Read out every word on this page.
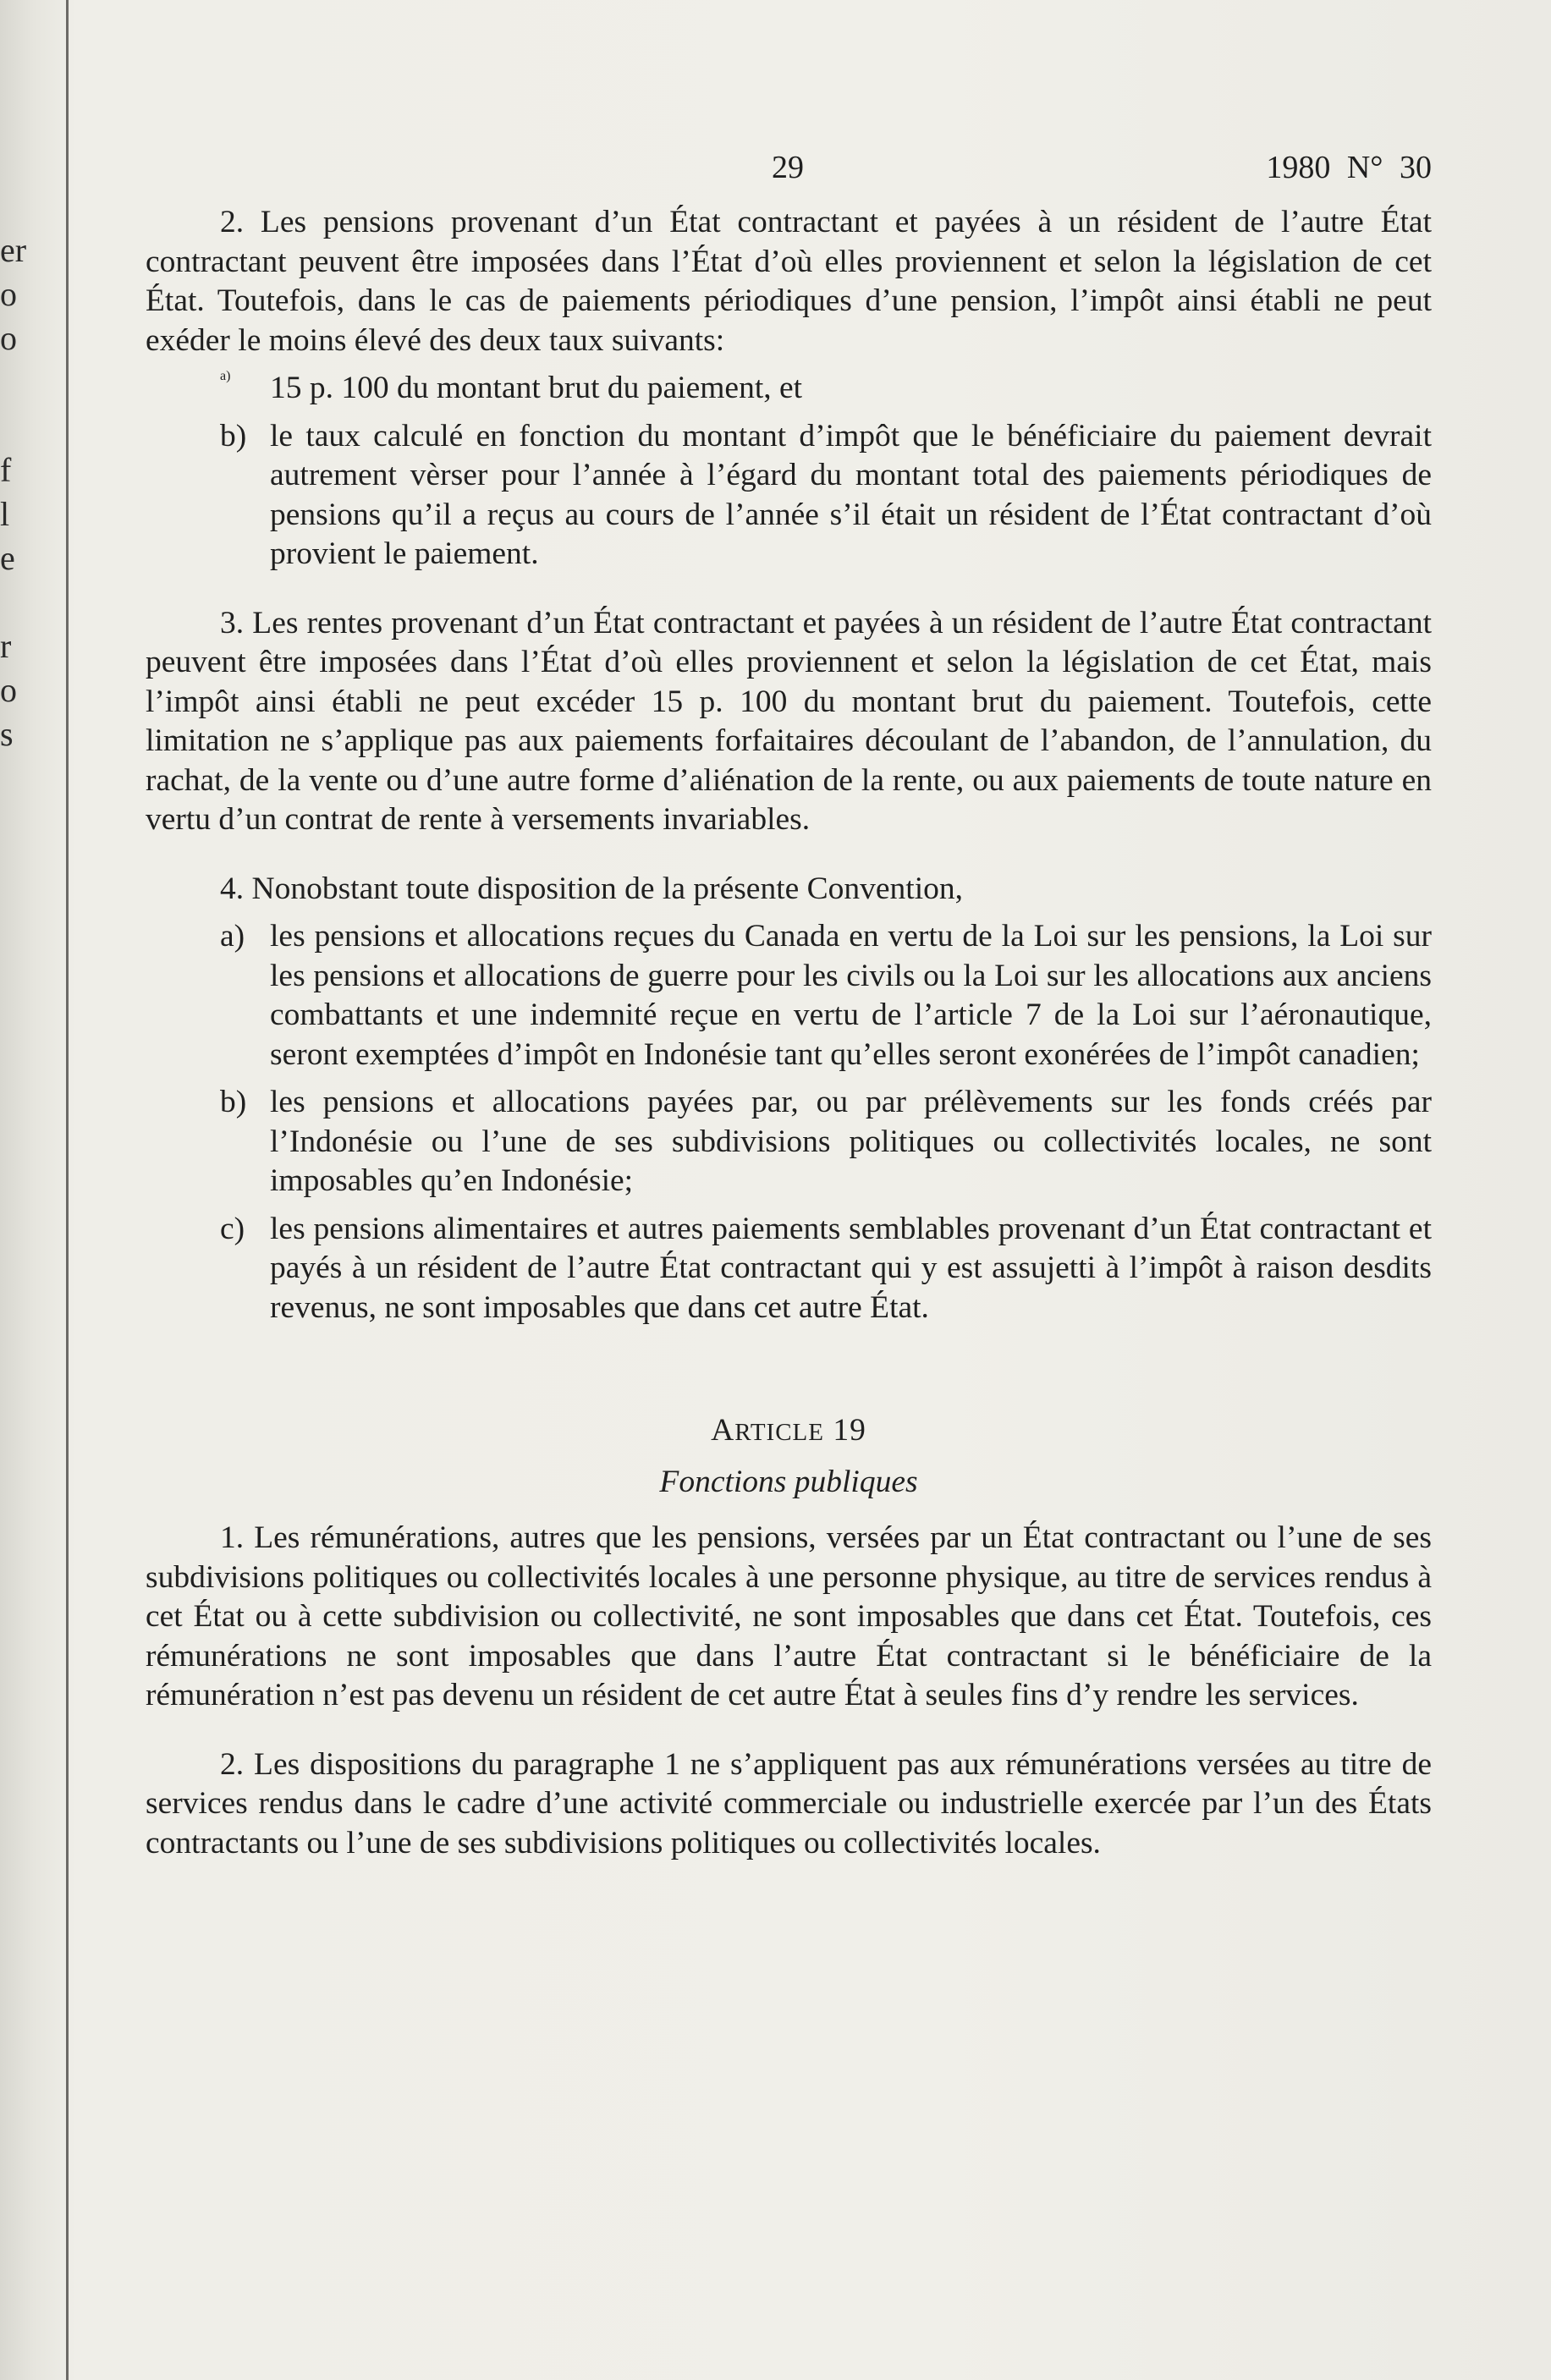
er
o
o
f
l
e
r
o
s
29	1980 N° 30

2. Les pensions provenant d’un État contractant et payées à un résident de l’autre État contractant peuvent être imposées dans l’État d’où elles proviennent et selon la législation de cet État. Toutefois, dans le cas de paiements périodiques d’une pension, l’impôt ainsi établi ne peut exéder le moins élevé des deux taux suivants:

a) 15 p. 100 du montant brut du paiement, et
b) le taux calculé en fonction du montant d’impôt que le bénéficiaire du paiement devrait autrement vèrser pour l’année à l’égard du montant total des paiements périodiques de pensions qu’il a reçus au cours de l’année s’il était un résident de l’État contractant d’où provient le paiement.

3. Les rentes provenant d’un État contractant et payées à un résident de l’autre État contractant peuvent être imposées dans l’État d’où elles proviennent et selon la législation de cet État, mais l’impôt ainsi établi ne peut excéder 15 p. 100 du montant brut du paiement. Toutefois, cette limitation ne s’applique pas aux paiements forfaitaires découlant de l’abandon, de l’annulation, du rachat, de la vente ou d’une autre forme d’aliénation de la rente, ou aux paiements de toute nature en vertu d’un contrat de rente à versements invariables.

4. Nonobstant toute disposition de la présente Convention,

a) les pensions et allocations reçues du Canada en vertu de la Loi sur les pensions, la Loi sur les pensions et allocations de guerre pour les civils ou la Loi sur les allocations aux anciens combattants et une indemnité reçue en vertu de l’article 7 de la Loi sur l’aéronautique, seront exemptées d’impôt en Indonésie tant qu’elles seront exonérées de l’impôt canadien;
b) les pensions et allocations payées par, ou par prélèvements sur les fonds créés par l’Indonésie ou l’une de ses subdivisions politiques ou collectivités locales, ne sont imposables qu’en Indonésie;
c) les pensions alimentaires et autres paiements semblables provenant d’un État contractant et payés à un résident de l’autre État contractant qui y est assujetti à l’impôt à raison desdits revenus, ne sont imposables que dans cet autre État.
ARTICLE 19
Fonctions publiques

1. Les rémunérations, autres que les pensions, versées par un État contractant ou l’une de ses subdivisions politiques ou collectivités locales à une personne physique, au titre de services rendus à cet État ou à cette subdivision ou collectivité, ne sont imposables que dans cet État. Toutefois, ces rémunérations ne sont imposables que dans l’autre État contractant si le bénéficiaire de la rémunération n’est pas devenu un résident de cet autre État à seules fins d’y rendre les services.

2. Les dispositions du paragraphe 1 ne s’appliquent pas aux rémunérations versées au titre de services rendus dans le cadre d’une activité commerciale ou industrielle exercée par l’un des États contractants ou l’une de ses subdivisions politiques ou collectivités locales.
